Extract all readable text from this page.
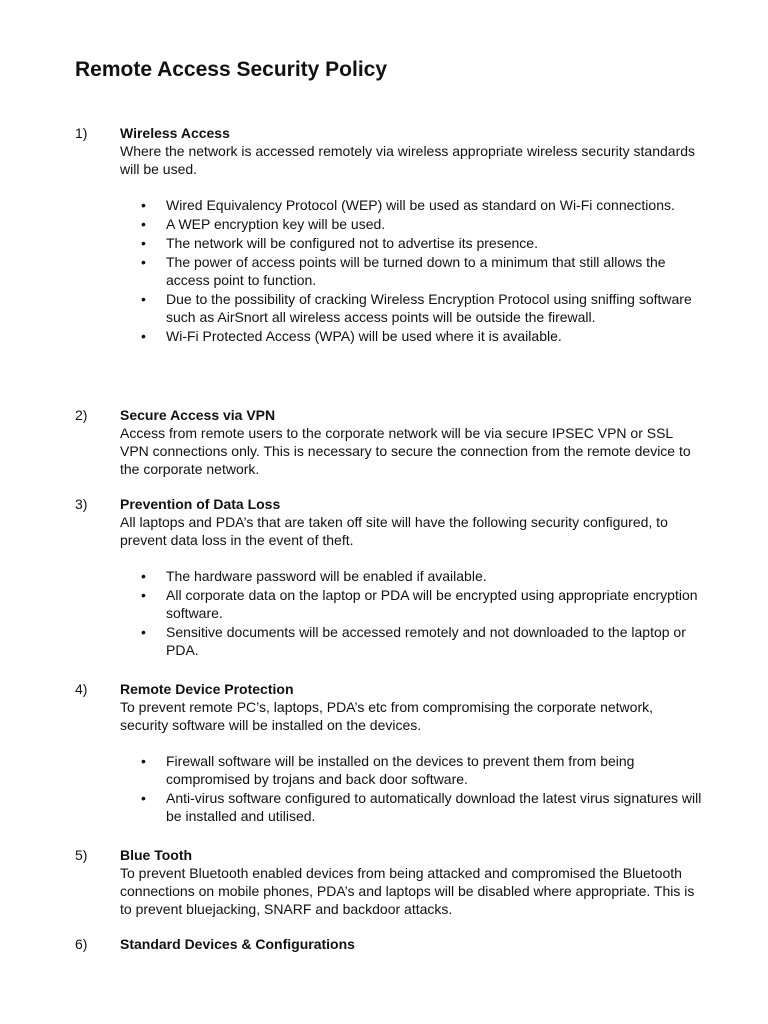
Remote Access Security Policy
1) Wireless Access

Where the network is accessed remotely via wireless appropriate wireless security standards will be used.

• Wired Equivalency Protocol (WEP) will be used as standard on Wi-Fi connections.
• A WEP encryption key will be used.
• The network will be configured not to advertise its presence.
• The power of access points will be turned down to a minimum that still allows the access point to function.
• Due to the possibility of cracking Wireless Encryption Protocol using sniffing software such as AirSnort all wireless access points will be outside the firewall.
• Wi-Fi Protected Access (WPA) will be used where it is available.
2) Secure Access via VPN

Access from remote users to the corporate network will be via secure IPSEC VPN or SSL VPN connections only. This is necessary to secure the connection from the remote device to the corporate network.

3) Prevention of Data Loss

All laptops and PDA’s that are taken off site will have the following security configured, to prevent data loss in the event of theft.

• The hardware password will be enabled if available.
• All corporate data on the laptop or PDA will be encrypted using appropriate encryption software.
• Sensitive documents will be accessed remotely and not downloaded to the laptop or PDA.
4) Remote Device Protection

To prevent remote PC’s, laptops, PDA’s etc from compromising the corporate network, security software will be installed on the devices.

• Firewall software will be installed on the devices to prevent them from being compromised by trojans and back door software.
• Anti-virus software configured to automatically download the latest virus signatures will be installed and utilised.
5) Blue Tooth

To prevent Bluetooth enabled devices from being attacked and compromised the Bluetooth connections on mobile phones, PDA’s and laptops will be disabled where appropriate. This is to prevent bluejacking, SNARF and backdoor attacks.

6) Standard Devices & Configurations
